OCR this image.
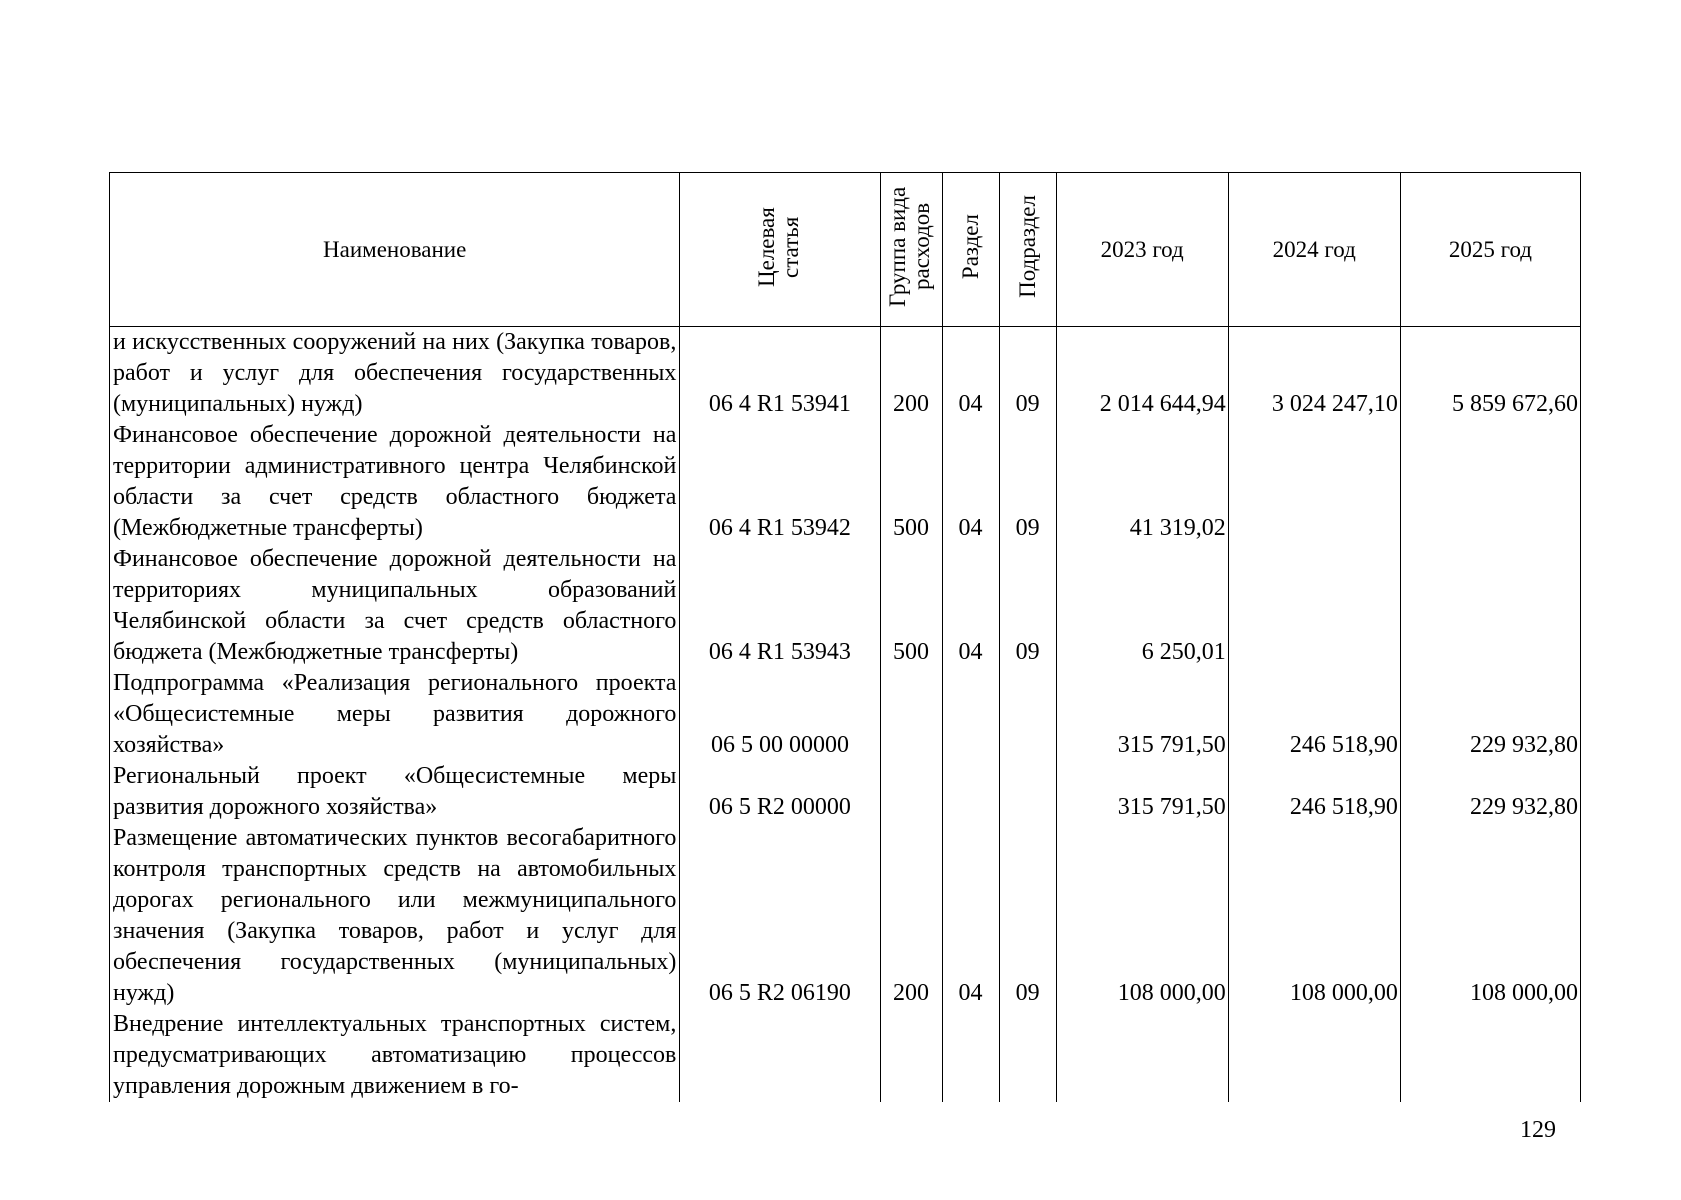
Наименование	Целевая статья	Группа вида расходов	Раздел	Подраздел	2023 год	2024 год	2025 год
и искусственных сооружений на них (Закупка товаров, работ и услуг для обеспечения государственных (муниципальных) нужд)	06 4 R1 53941	200	04	09	2 014 644,94	3 024 247,10	5 859 672,60
Финансовое обеспечение дорожной деятельности на территории административного центра Челябинской области за счет средств областного бюджета (Межбюджетные трансферты)	06 4 R1 53942	500	04	09	41 319,02		
Финансовое обеспечение дорожной деятельности на территориях муниципальных образований Челябинской области за счет средств областного бюджета (Межбюджетные трансферты)	06 4 R1 53943	500	04	09	6 250,01		
Подпрограмма «Реализация регионального проекта «Общесистемные меры развития дорожного хозяйства»	06 5 00 00000				315 791,50	246 518,90	229 932,80
Региональный проект «Общесистемные меры развития дорожного хозяйства»	06 5 R2 00000				315 791,50	246 518,90	229 932,80
Размещение автоматических пунктов весогабаритного контроля транспортных средств на автомобильных дорогах регионального или межмуниципального значения (Закупка товаров, работ и услуг для обеспечения государственных (муниципальных) нужд)	06 5 R2 06190	200	04	09	108 000,00	108 000,00	108 000,00
Внедрение интеллектуальных транспортных систем, предусматривающих автоматизацию процессов управления дорожным движением в го-							
129
